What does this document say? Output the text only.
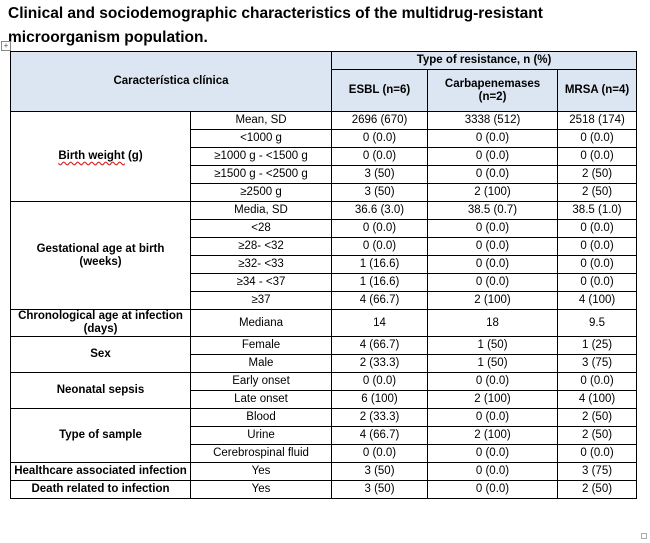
Clinical and sociodemographic characteristics of the multidrug-resistant
microorganism population.
+
Característica clínica		Type of resistance, n (%)		
		ESBL (n=6)	Carbapenemases (n=2)	MRSA (n=4)
Birth weight (g)	Mean, SD	2696 (670)	3338 (512)	2518 (174)
	<1000 g	0 (0.0)	0 (0.0)	0 (0.0)
	≥1000 g - <1500 g	0 (0.0)	0 (0.0)	0 (0.0)
	≥1500 g - <2500 g	3 (50)	0 (0.0)	2 (50)
	≥2500 g	3 (50)	2 (100)	2 (50)
Gestational age at birth (weeks)	Media, SD	36.6 (3.0)	38.5 (0.7)	38.5 (1.0)
	<28	0 (0.0)	0 (0.0)	0 (0.0)
	≥28- <32	0 (0.0)	0 (0.0)	0 (0.0)
	≥32- <33	1 (16.6)	0 (0.0)	0 (0.0)
	≥34 - <37	1 (16.6)	0 (0.0)	0 (0.0)
	≥37	4 (66.7)	2 (100)	4 (100)
Chronological age at infection (days)	Mediana	14	18	9.5
Sex	Female	4 (66.7)	1 (50)	1 (25)
	Male	2 (33.3)	1 (50)	3 (75)
Neonatal sepsis	Early onset	0 (0.0)	0 (0.0)	0 (0.0)
	Late onset	6 (100)	2 (100)	4 (100)
Type of sample	Blood	2 (33.3)	0 (0.0)	2 (50)
	Urine	4 (66.7)	2 (100)	2 (50)
	Cerebrospinal fluid	0 (0.0)	0 (0.0)	0 (0.0)
Healthcare associated infection	Yes	3 (50)	0 (0.0)	3 (75)
Death related to infection	Yes	3 (50)	0 (0.0)	2 (50)
